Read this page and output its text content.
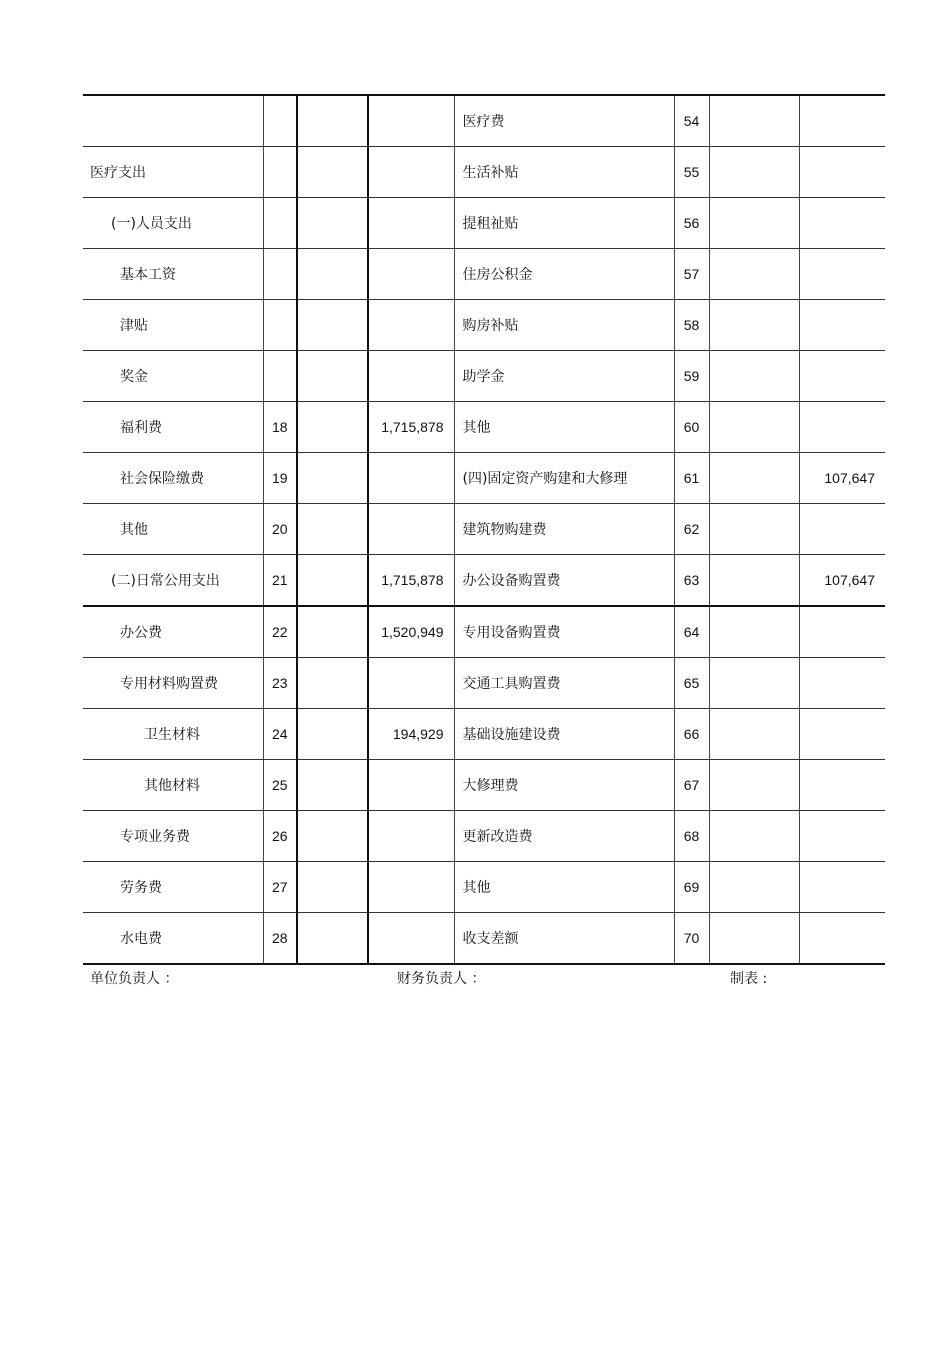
				医疗费	54		
医疗支出				生活补贴	55		
(一)人员支出				提租祉贴	56		
基本工资				住房公积金	57		
津贴				购房补贴	58		
奖金				助学金	59		
福利费	18		1,715,878	其他	60		
社会保险缴费	19			(四)固定资产购建和大修理	61		107,647
其他	20			建筑物购建费	62		
(二)日常公用支出	21		1,715,878	办公设备购置费	63		107,647
办公费	22		1,520,949	专用设备购置费	64		
专用材料购置费	23			交通工具购置费	65		
卫生材料	24		194,929	基础设施建设费	66		
其他材料	25			大修理费	67		
专项业务费	26			更新改造费	68		
劳务费	27			其他	69		
水电费	28			收支差额	70		
单位负责人 ：	财务负责人 ：	制表 :
